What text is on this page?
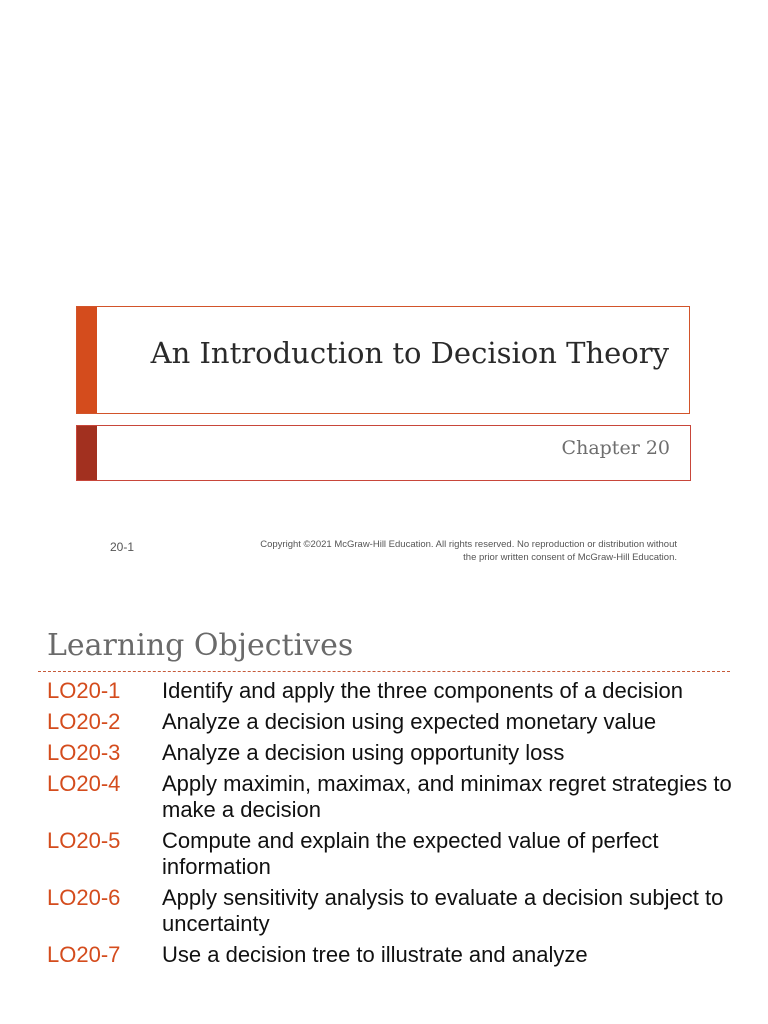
An Introduction to Decision Theory
Chapter 20
20-1	Copyright ©2021 McGraw-Hill Education. All rights reserved. No reproduction or distribution without
the prior written consent of McGraw-Hill Education.
Learning Objectives
LO20-1	Identify and apply the three components of a decision
LO20-2	Analyze a decision using expected monetary value
LO20-3	Analyze a decision using opportunity loss
LO20-4	Apply maximin, maximax, and minimax regret strategies to make a decision
LO20-5	Compute and explain the expected value of perfect information
LO20-6	Apply sensitivity analysis to evaluate a decision subject to uncertainty
LO20-7	Use a decision tree to illustrate and analyze
